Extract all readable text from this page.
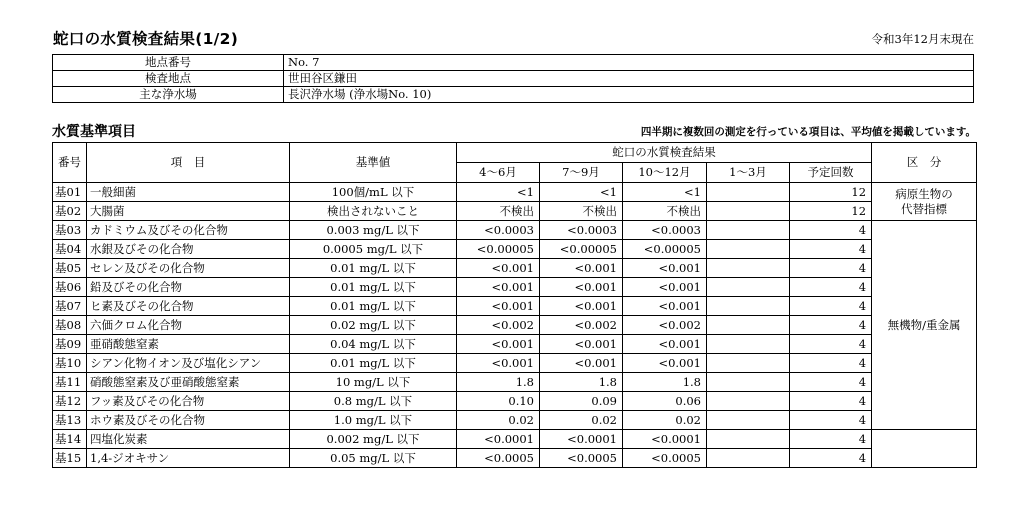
蛇口の水質検査結果(1/2)	令和3年12月末現在
地点番号	No. 7
検査地点	世田谷区鎌田
主な浄水場	長沢浄水場 (浄水場No. 10)
水質基準項目	四半期に複数回の測定を行っている項目は、平均値を掲載しています。
番号	項　目	基準値	蛇口の水質検査結果					区　分
			4〜6月	7〜9月	10〜12月	1〜3月	予定回数	
基01	一般細菌	100個/mL 以下	<1	<1	<1		12	病原生物の
代替指標

基02	大腸菌	検出されないこと	不検出	不検出	不検出		12	
基03	カドミウム及びその化合物	0.003 mg/L 以下	<0.0003	<0.0003	<0.0003		4	無機物/重金属
基04	水銀及びその化合物	0.0005 mg/L 以下	<0.00005	<0.00005	<0.00005		4	
基05	セレン及びその化合物	0.01 mg/L 以下	<0.001	<0.001	<0.001		4	
基06	鉛及びその化合物	0.01 mg/L 以下	<0.001	<0.001	<0.001		4	
基07	ヒ素及びその化合物	0.01 mg/L 以下	<0.001	<0.001	<0.001		4	
基08	六価クロム化合物	0.02 mg/L 以下	<0.002	<0.002	<0.002		4	
基09	亜硝酸態窒素	0.04 mg/L 以下	<0.001	<0.001	<0.001		4	
基10	シアン化物イオン及び塩化シアン	0.01 mg/L 以下	<0.001	<0.001	<0.001		4	
基11	硝酸態窒素及び亜硝酸態窒素	10 mg/L 以下	1.8	1.8	1.8		4	
基12	フッ素及びその化合物	0.8 mg/L 以下	0.10	0.09	0.06		4	
基13	ホウ素及びその化合物	1.0 mg/L 以下	0.02	0.02	0.02		4	
基14	四塩化炭素	0.002 mg/L 以下	<0.0001	<0.0001	<0.0001		4	
基15	1,4-ジオキサン	0.05 mg/L 以下	<0.0005	<0.0005	<0.0005		4	
